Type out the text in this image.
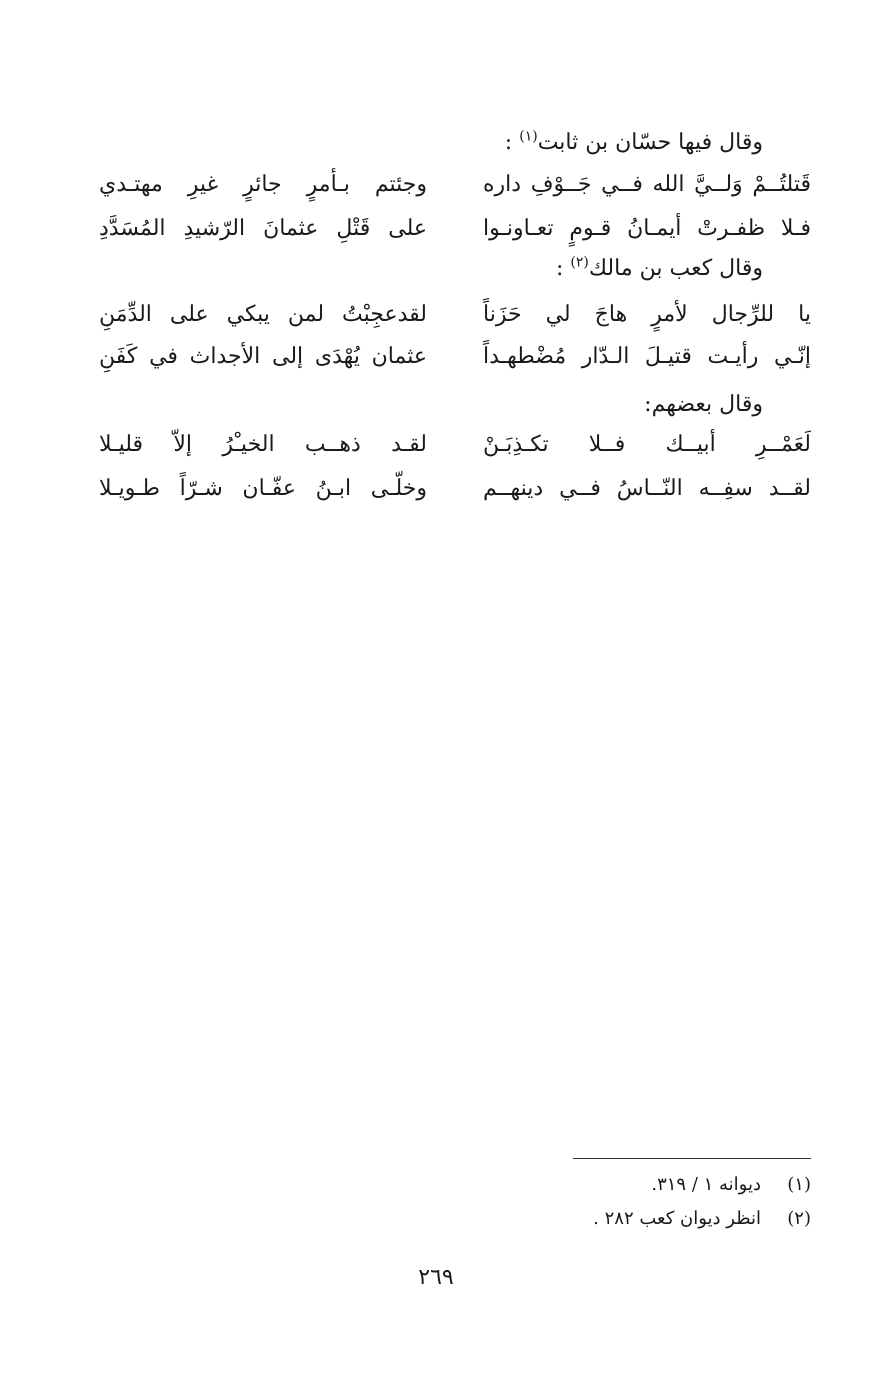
وقال فيها حسّان بن ثابت$^{(١)}$ :
قَتلتُــمْ وَلــيَّ الله فــي جَــوْفِ داره
وجئتم بـأمرٍ جائرٍ غيرِ مهتـدي
فـلا ظفـرتْ أيمـانُ قـومٍ تعـاونـوا
على قَتْلِ عثمانَ الرّشيدِ المُسَدَّدِ
وقال كعب بن مالك$^{(٢)}$ :
يا للرِّجال لأمرٍ هاجَ لي حَزَناً
لقدعجِبْتُ لمن يبكي على الدِّمَنِ
إنّـي رأيـت قتيـلَ الـدّار مُضْطهـداً
عثمان يُهْدَى إلى الأجداث في كَفَنِ
وقال بعضهم:
لَعَمْــرِ أبيــك فــلا تكـذِبَـنْ
لقـد ذهــب الخيـْرُ إلاّ قليـلا
لقــد سفِــه النّــاسُ فــي دينهــم
وخلّـى ابـنُ عفّـان شـرّاً طـويـلا
(١)ديوانه ١ / ٣١٩.
(٢)انظر ديوان كعب ٢٨٢ .
٢٦٩
